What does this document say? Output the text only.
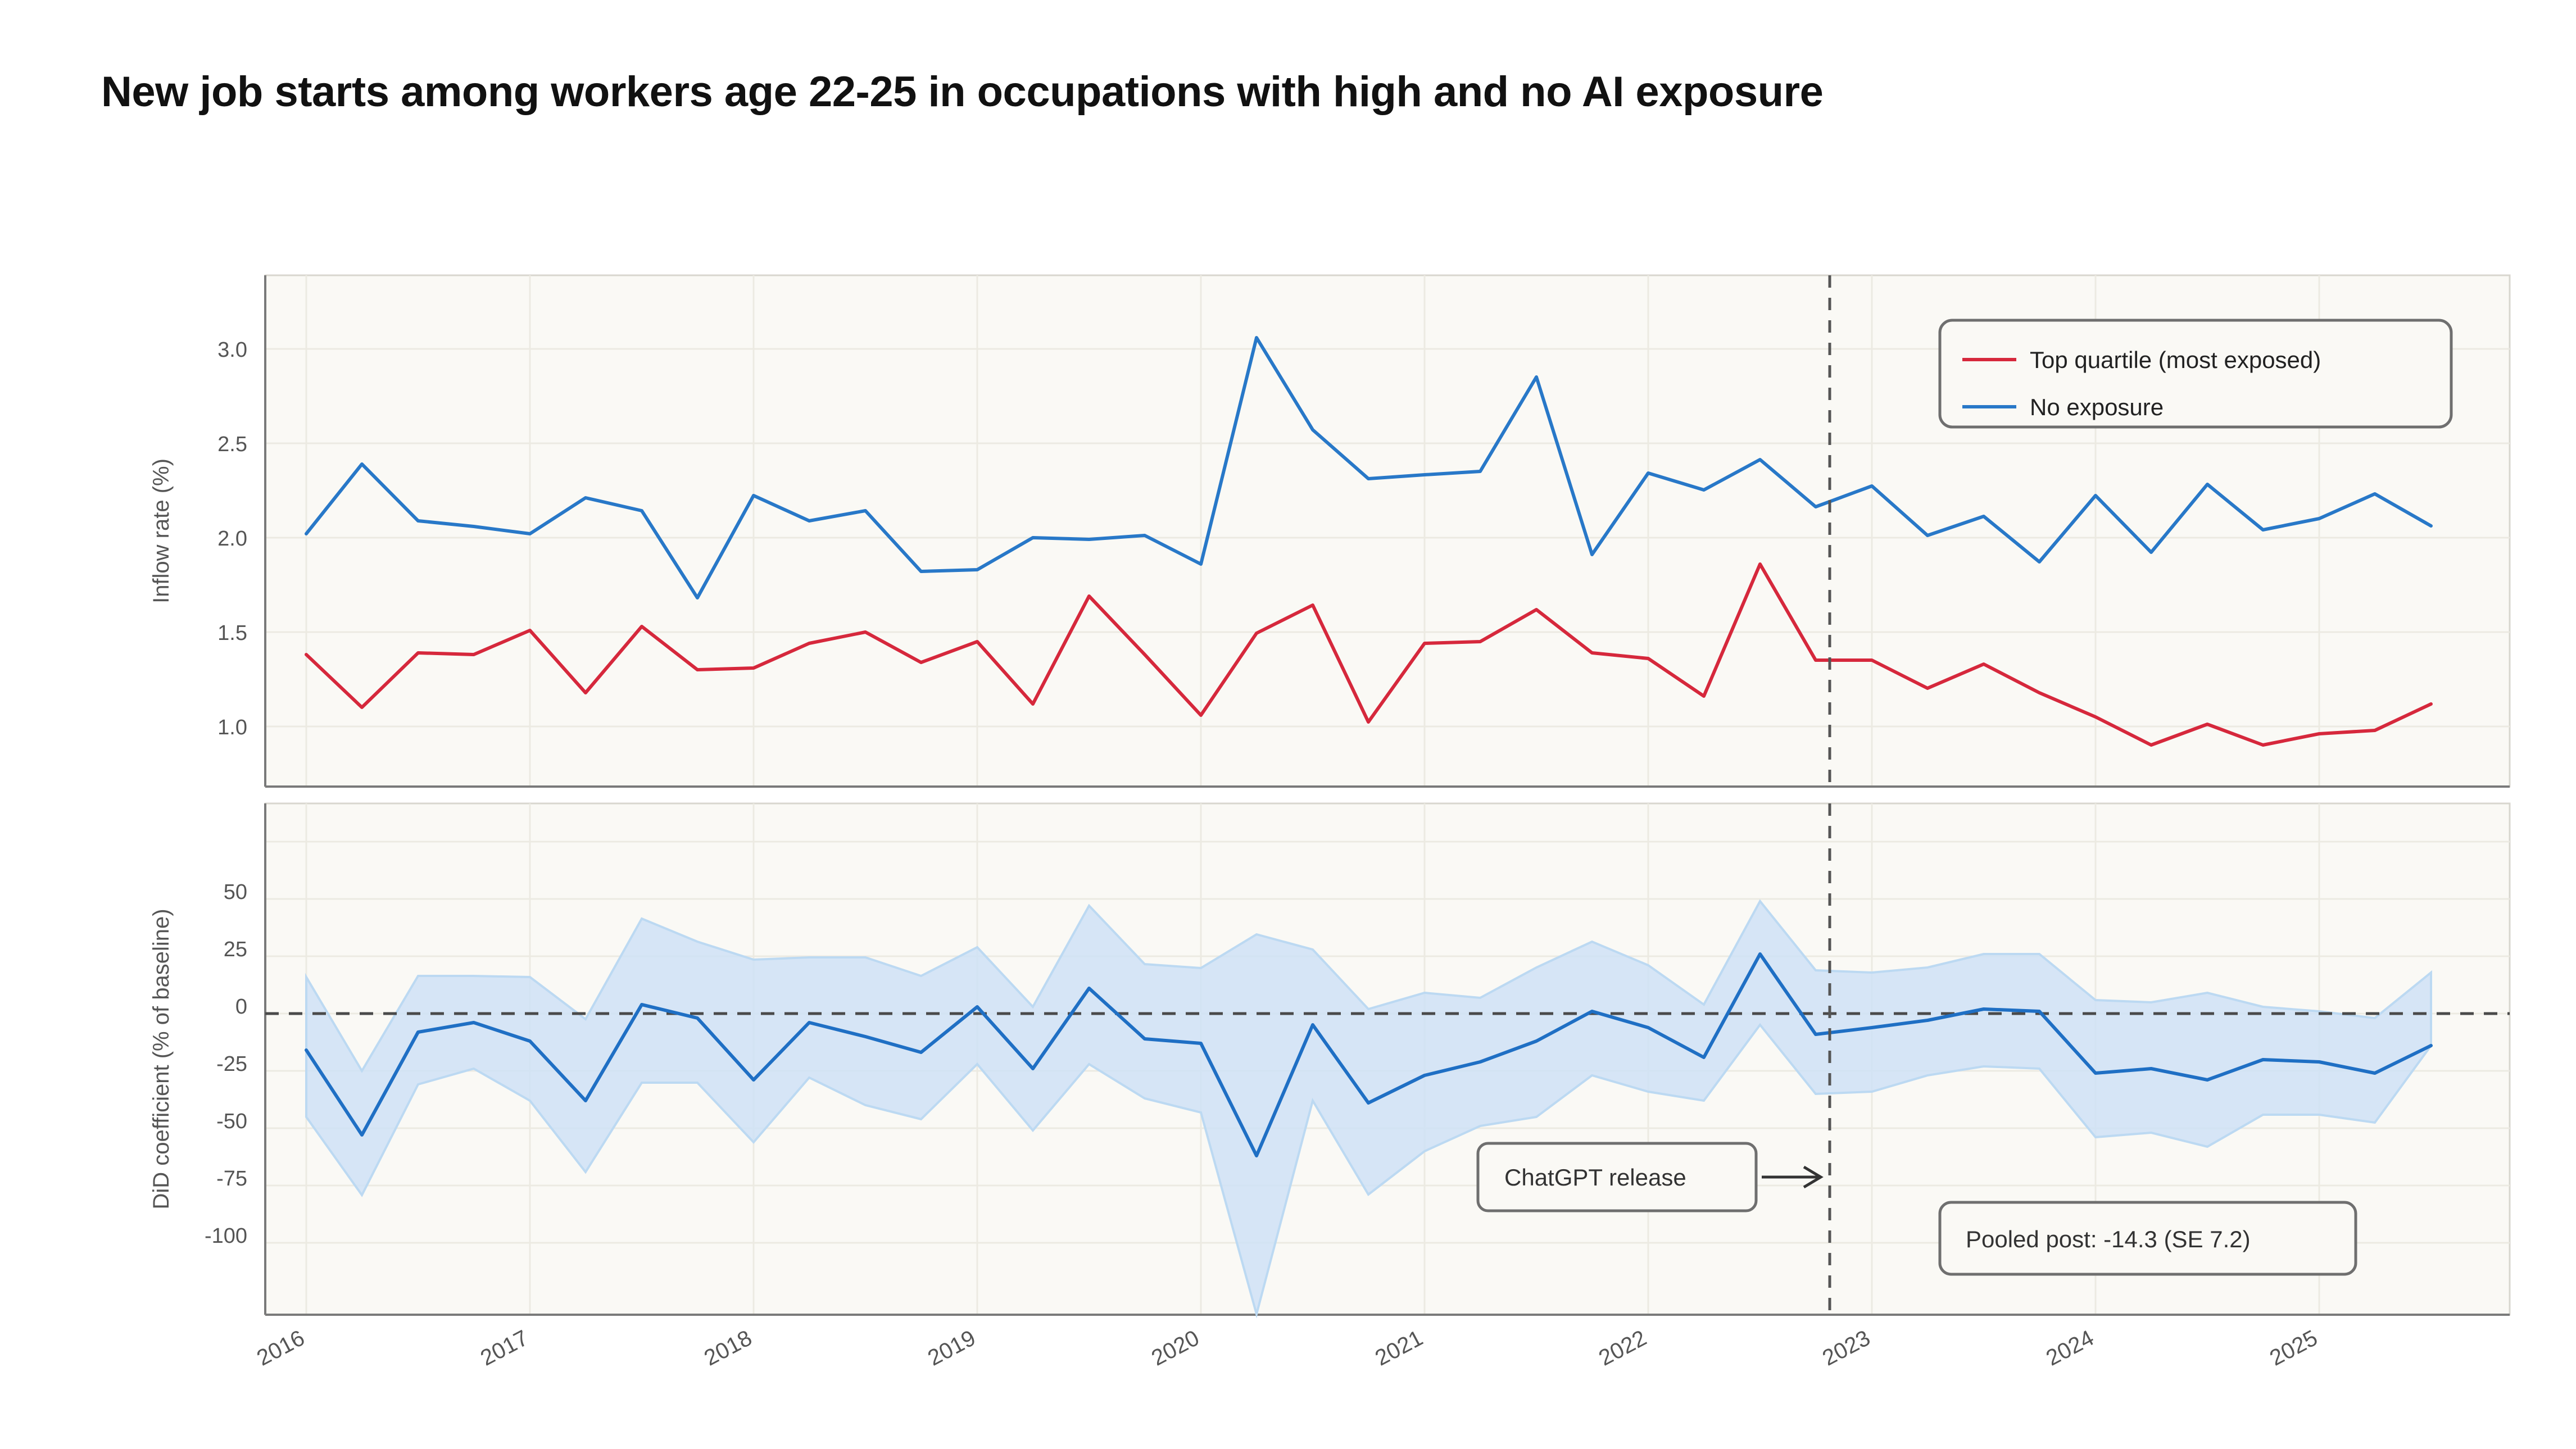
New job starts among workers age 22-25 in occupations with high and no AI exposure
1.0
1.5
2.0
2.5
3.0
Inflow rate (%)
Top quartile (most exposed)
No exposure
-100
-75
-50
-25
0
25
50
DiD coefficient (% of baseline)	ChatGPT release
Pooled post: -14.3 (SE 7.2)
2016	2017	2018	2019	2020	2021	2022	2023	2024	2025
